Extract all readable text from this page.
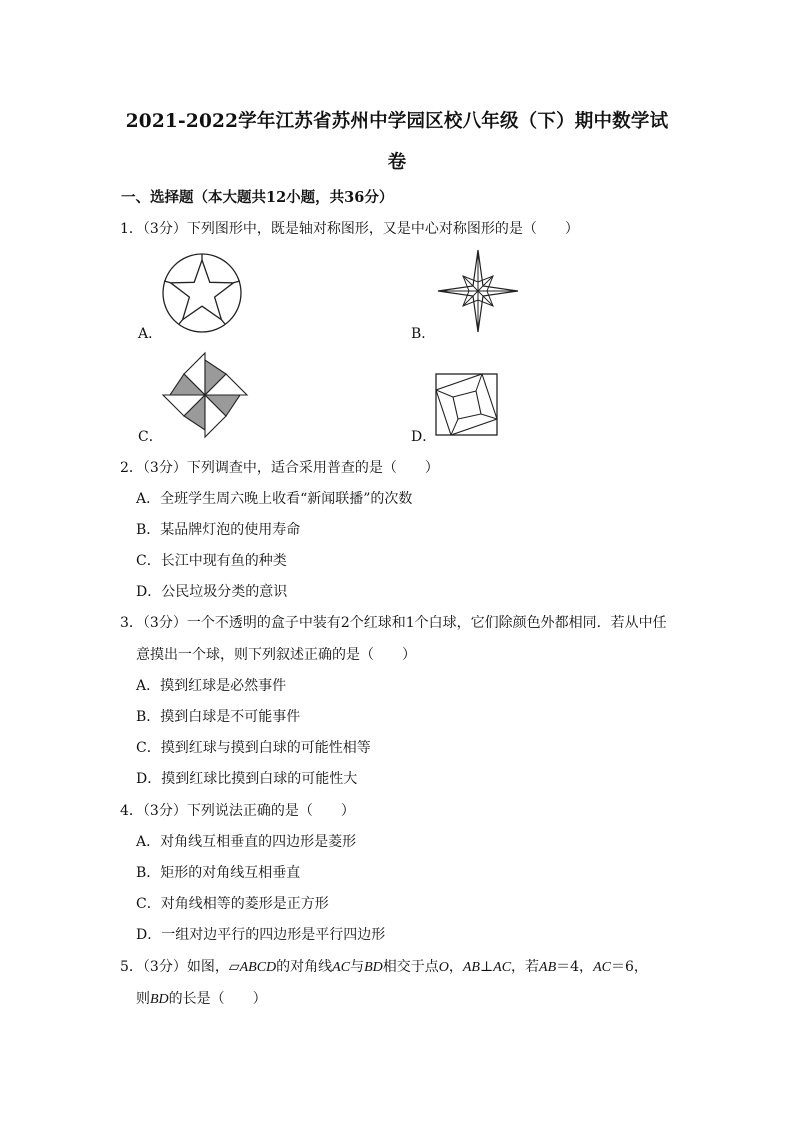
2021-2022学年江苏省苏州中学园区校八年级（下）期中数学试
卷
一、选择题（本大题共12小题，共36分）
1．（3分）下列图形中，既是轴对称图形，又是中心对称图形的是（　　）
A．	B．
C．	D．
2．（3分）下列调查中，适合采用普查的是（　　）
A．全班学生周六晚上收看“新闻联播”的次数
B．某品牌灯泡的使用寿命
C．长江中现有鱼的种类
D．公民垃圾分类的意识
3．（3分）一个不透明的盒子中装有2个红球和1个白球，它们除颜色外都相同．若从中任
意摸出一个球，则下列叙述正确的是（　　）
A．摸到红球是必然事件
B．摸到白球是不可能事件
C．摸到红球与摸到白球的可能性相等
D．摸到红球比摸到白球的可能性大
4．（3分）下列说法正确的是（　　）
A．对角线互相垂直的四边形是菱形
B．矩形的对角线互相垂直
C．对角线相等的菱形是正方形
D．一组对边平行的四边形是平行四边形
5．（3分）如图，▱ABCD的对角线AC与BD相交于点O，AB⊥AC，若AB＝4，AC＝6，
则BD的长是（　　）
